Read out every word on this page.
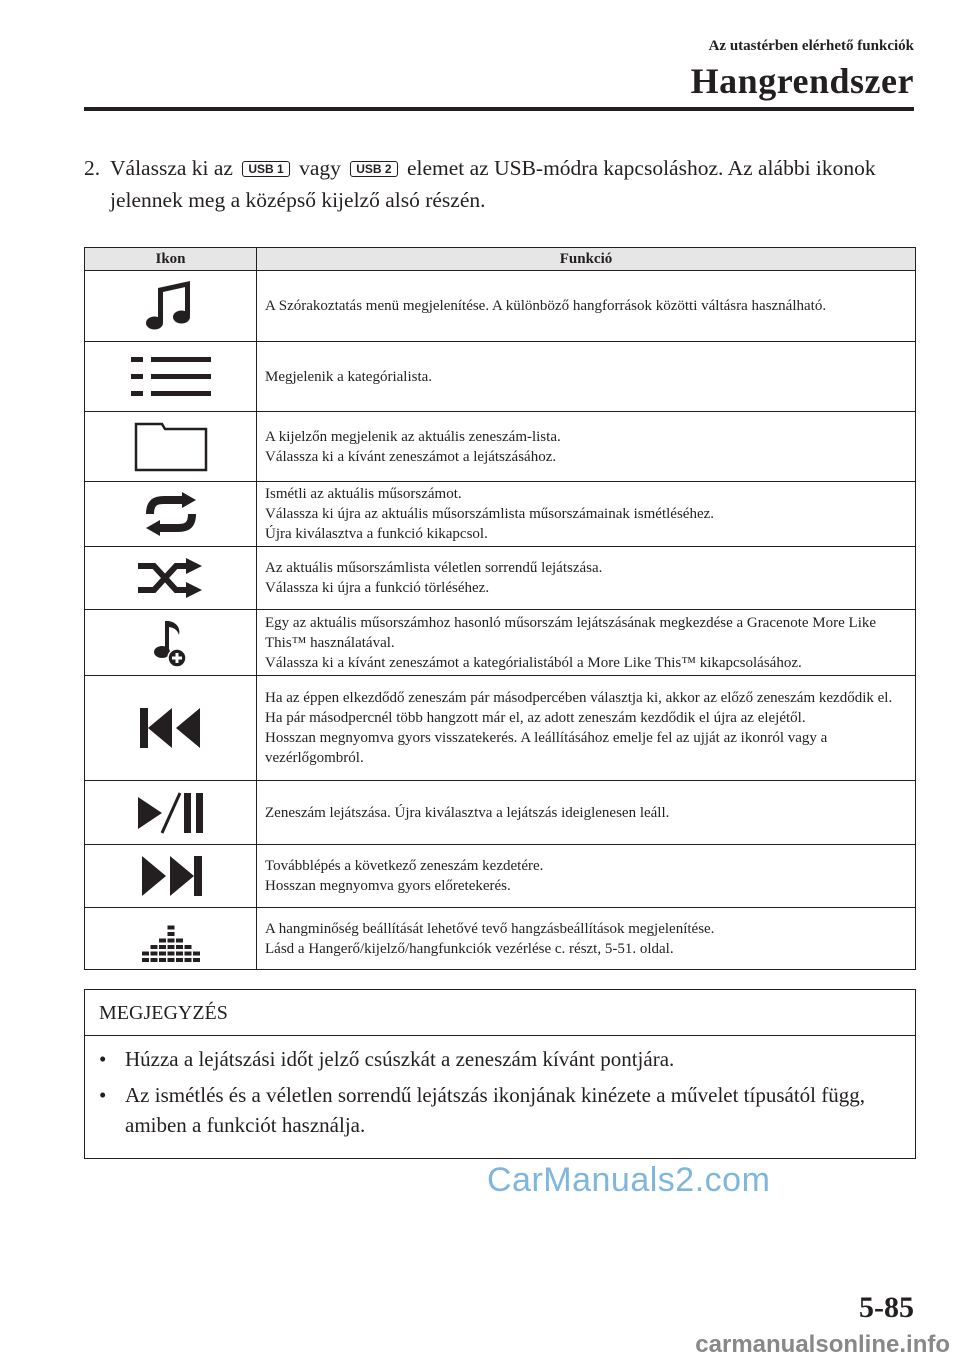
Az utastérben elérhető funkciók
Hangrendszer
2. Válassza ki az USB 1 vagy USB 2 elemet az USB-módra kapcsoláshoz. Az alábbi ikonok jelennek meg a középső kijelző alsó részén.
Ikon	Funkció

A Szórakoztatás menü megjelenítése. A különböző hangforrások közötti váltásra használható.

Megjelenik a kategórialista.

A kijelzőn megjelenik az aktuális zeneszám-lista.
Válassza ki a kívánt zeneszámot a lejátszásához.

Ismétli az aktuális műsorszámot.
Válassza ki újra az aktuális műsorszámlista műsorszámainak ismétléséhez.
Újra kiválasztva a funkció kikapcsol.

Az aktuális műsorszámlista véletlen sorrendű lejátszása.
Válassza ki újra a funkció törléséhez.

Egy az aktuális műsorszámhoz hasonló műsorszám lejátszásának megkezdése a Gracenote More Like This™ használatával.
Válassza ki a kívánt zeneszámot a kategórialistából a More Like This™ kikapcsolásához.

Ha az éppen elkezdődő zeneszám pár másodpercében választja ki, akkor az előző zeneszám kezdődik el.
Ha pár másodpercnél több hangzott már el, az adott zeneszám kezdődik el újra az elejétől.
Hosszan megnyomva gyors visszatekerés. A leállításához emelje fel az ujját az ikonról vagy a vezérlőgombról.

Zeneszám lejátszása. Újra kiválasztva a lejátszás ideiglenesen leáll.

Továbblépés a következő zeneszám kezdetére.
Hosszan megnyomva gyors előretekerés.

A hangminőség beállítását lehetővé tevő hangzásbeállítások megjelenítése.
Lásd a Hangerő/kijelző/hangfunkciók vezérlése c. részt, 5-51. oldal.
MEGJEGYZÉS
• Húzza a lejátszási időt jelző csúszkát a zeneszám kívánt pontjára.
• Az ismétlés és a véletlen sorrendű lejátszás ikonjának kinézete a művelet típusától függ, amiben a funkciót használja.
CarManuals2.com
5-85
carmanualsonline.info
